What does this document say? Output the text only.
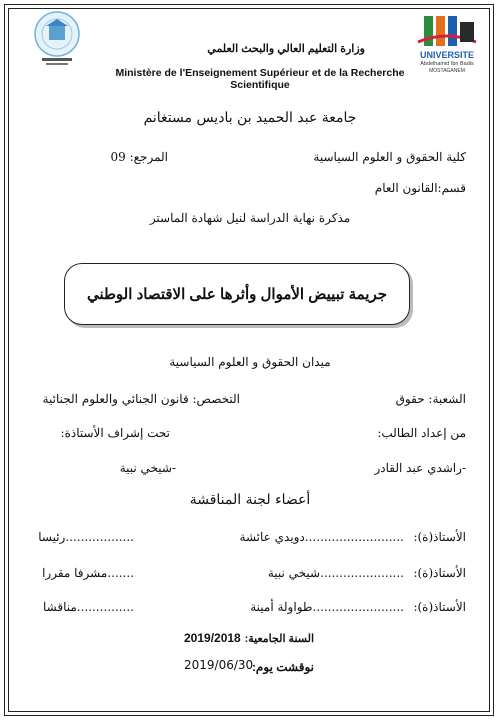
UNIVERSITE
Abdelhamid Ibn Badis
MOSTAGANEM
وزارة التعليم العالي والبحث العلمي
Ministère de l'Enseignement Supérieur et de la Recherche Scientifique
جامعة عبد الحميد بن باديس مستغانم
كلية الحقوق و العلوم السياسية
المرجع: 09
قسم:القانون العام
مذكرة نهاية الدراسة لنيل شهادة الماستر
جريمة تبييض الأموال وأثرها على الاقتصاد الوطني
ميدان الحقوق و العلوم السياسية
الشعبة: حقوق
التخصص: قانون الجنائي والعلوم الجنائية
من إعداد الطالب:
تحت إشراف الأستاذة:
-راشدي عبد القادر
-شيخي نبية
أعضاء لجنة المناقشة
الأستاذ(ة):
..........................دويدي عائشة
..................رئيسا
الأستاذ(ة):
......................شيخي نبية
.......مشرفا مقررا
الأستاذ(ة):
........................طواولة أمينة
...............مناقشا
السنة الجامعية:
2019/2018
نوقشت يوم:
2019/06/30
